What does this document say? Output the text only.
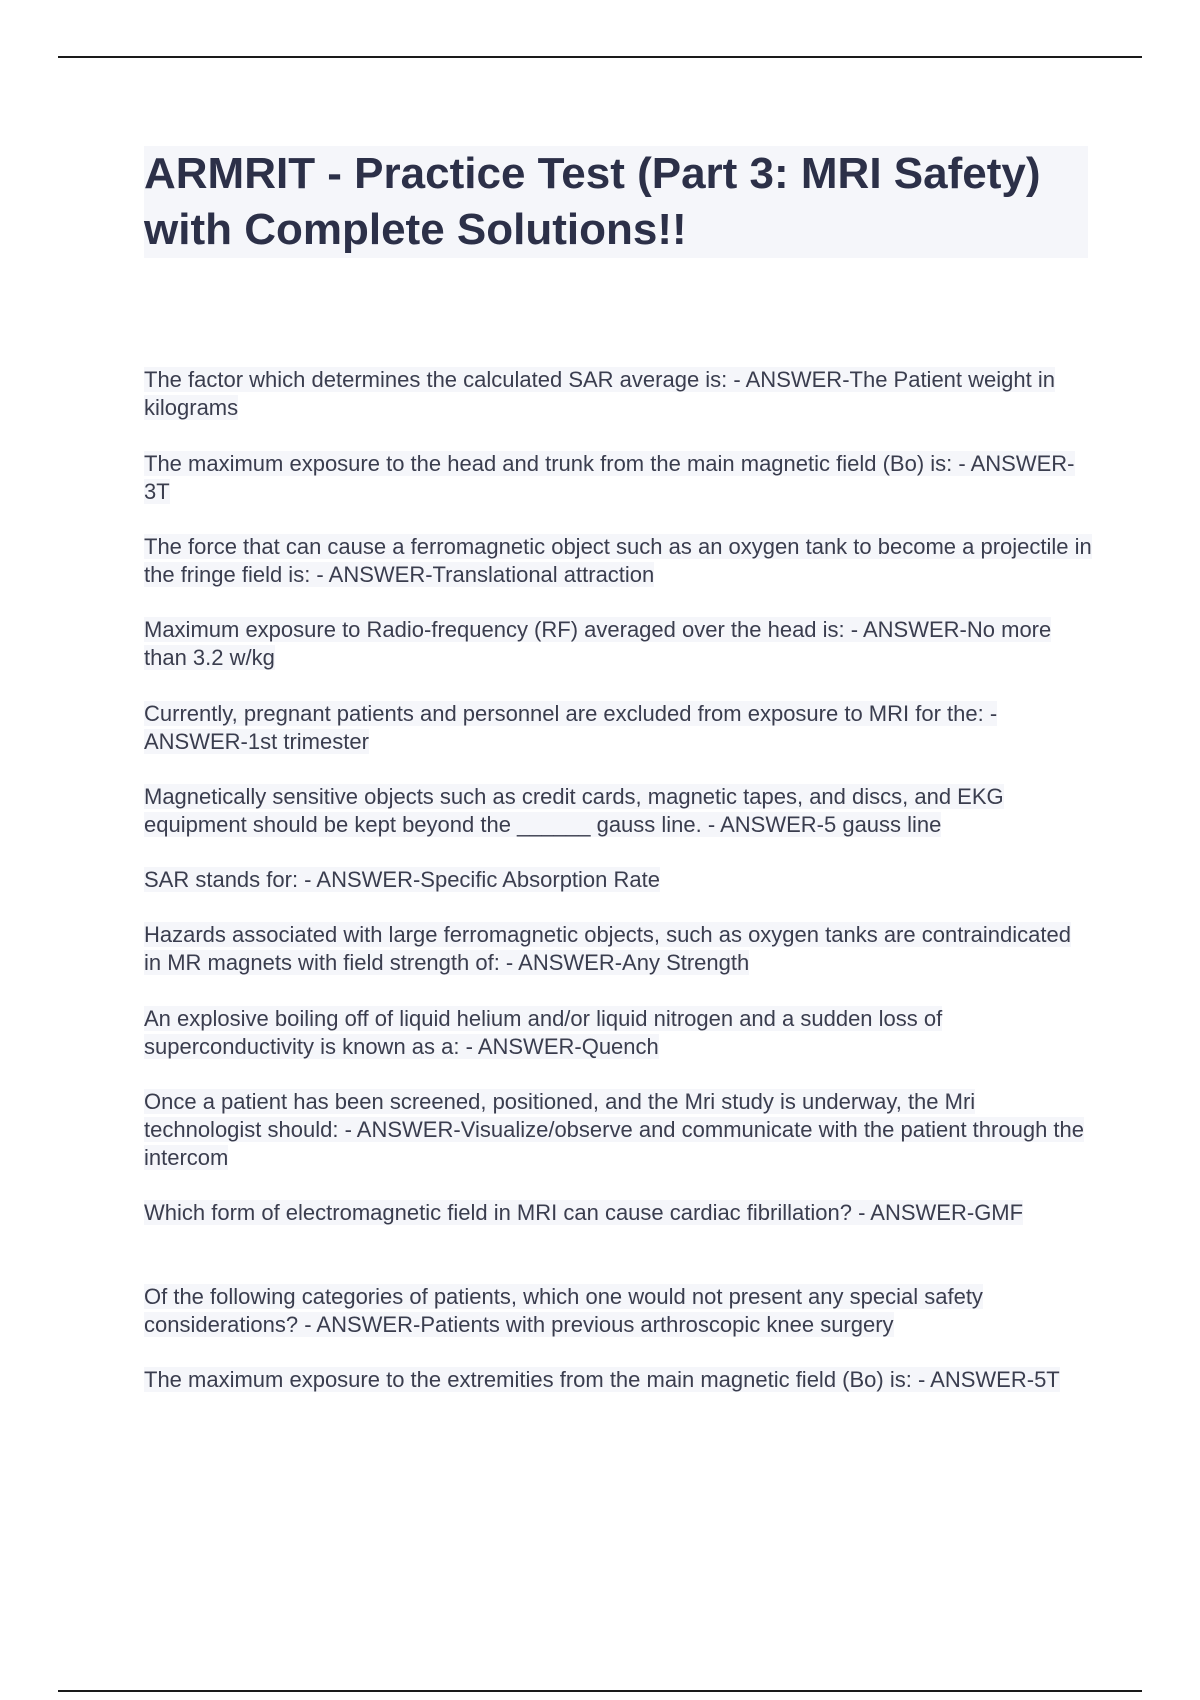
ARMRIT - Practice Test (Part 3: MRI Safety) with Complete Solutions!!
The factor which determines the calculated SAR average is: - ANSWER-The Patient weight in kilograms
The maximum exposure to the head and trunk from the main magnetic field (Bo) is: - ANSWER-3T
The force that can cause a ferromagnetic object such as an oxygen tank to become a projectile in the fringe field is: - ANSWER-Translational attraction
Maximum exposure to Radio-frequency (RF) averaged over the head is: - ANSWER-No more than 3.2 w/kg
Currently, pregnant patients and personnel are excluded from exposure to MRI for the: - ANSWER-1st trimester
Magnetically sensitive objects such as credit cards, magnetic tapes, and discs, and EKG equipment should be kept beyond the ______ gauss line. - ANSWER-5 gauss line
SAR stands for: - ANSWER-Specific Absorption Rate
Hazards associated with large ferromagnetic objects, such as oxygen tanks are contraindicated in MR magnets with field strength of: - ANSWER-Any Strength
An explosive boiling off of liquid helium and/or liquid nitrogen and a sudden loss of superconductivity is known as a: - ANSWER-Quench
Once a patient has been screened, positioned, and the Mri study is underway, the Mri technologist should: - ANSWER-Visualize/observe and communicate with the patient through the intercom
Which form of electromagnetic field in MRI can cause cardiac fibrillation? - ANSWER-GMF
Of the following categories of patients, which one would not present any special safety considerations? - ANSWER-Patients with previous arthroscopic knee surgery
The maximum exposure to the extremities from the main magnetic field (Bo) is: - ANSWER-5T
